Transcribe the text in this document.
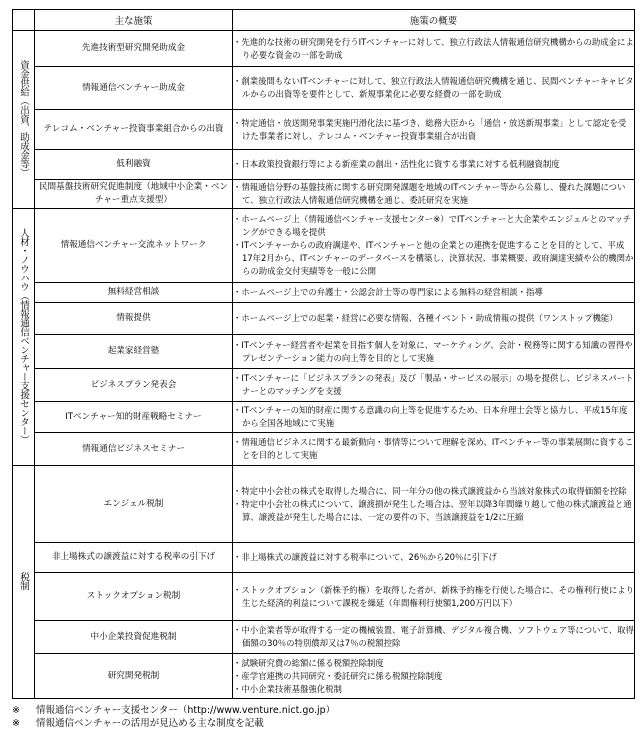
	主な施策	施策の概要
資金供給（出資、助成金等）	先進技術型研究開発助成金	・先進的な技術の研究開発を行うITベンチャーに対して、独立行政法人情報通信研究機構からの助成金により必要な資金の一部を助成

	情報通信ベンチャー助成金	・創業後間もないITベンチャーに対して、独立行政法人情報通信研究機構を通じ、民間ベンチャーキャピタルからの出資等を要件として、新規事業化に必要な経費の一部を助成

	テレコム・ベンチャー投資事業組合からの出資	・特定通信・放送開発事業実施円滑化法に基づき、総務大臣から「通信・放送新規事業」として認定を受けた事業者に対し、テレコム・ベンチャー投資事業組合が出資

	低利融資	・日本政策投資銀行等による新産業の創出・活性化に資する事業に対する低利融資制度

	民間基盤技術研究促進制度（地域中小企業・ベンチャー重点支援型）	・情報通信分野の基盤技術に関する研究開発課題を地域のITベンチャー等から公募し、優れた課題について、独立行政法人情報通信研究機構を通じ、委託研究を実施

人材・ノウハウ（情報通信ベンチャー支援センター）	情報通信ベンチャー交流ネットワーク	・ホームページ上（情報通信ベンチャー支援センター※）でITベンチャーと大企業やエンジェルとのマッチングができる場を提供
・ITベンチャーからの政府調達や、ITベンチャーと他の企業との連携を促進することを目的として、平成17年2月から、ITベンチャーのデータベースを構築し、決算状況、事業概要、政府調達実績や公的機関からの助成金交付実績等を一般に公開

	無料経営相談	・ホームページ上での弁護士・公認会計士等の専門家による無料の経営相談・指導

	情報提供	・ホームページ上での起業・経営に必要な情報、各種イベント・助成情報の提供（ワンストップ機能）

	起業家経営塾	・ITベンチャー経営者や起業を目指す個人を対象に、マーケティング、会計・税務等に関する知識の習得やプレゼンテーション能力の向上等を目的として実施

	ビジネスプラン発表会	・ITベンチャーに「ビジネスプランの発表」及び「製品・サービスの展示」の場を提供し、ビジネスパートナーとのマッチングを支援

	ITベンチャー知的財産戦略セミナー	・ITベンチャーの知的財産に関する意識の向上等を促進するため、日本弁理士会等と協力し、平成15年度から全国各地域にて実施

	情報通信ビジネスセミナー	・情報通信ビジネスに関する最新動向・事情等について理解を深め、ITベンチャー等の事業展開に資することを目的として実施

税制	エンジェル税制	・特定中小会社の株式を取得した場合に、同一年分の他の株式譲渡益から当該対象株式の取得価額を控除
・特定中小会社の株式について、譲渡損が発生した場合は、翌年以降3年間繰り越して他の株式譲渡益と通算、譲渡益が発生した場合には、一定の要件の下、当該譲渡益を1/2に圧縮

	非上場株式の譲渡益に対する税率の引下げ	・非上場株式の譲渡益に対する税率について、26％から20％に引下げ

	ストックオプション税制	・ストックオプション（新株予約権）を取得した者が、新株予約権を行使した場合に、その権利行使により生じた経済的利益について課税を繰延（年間権利行使額1,200万円以下）

	中小企業投資促進税制	・中小企業者等が取得する一定の機械装置、電子計算機、デジタル複合機、ソフトウェア等について、取得価額の30％の特別償却又は7％の税額控除

	研究開発税制	・試験研究費の総額に係る税額控除制度
・産学官連携の共同研究・委託研究に係る税額控除制度
・中小企業技術基盤強化税制
※ 情報通信ベンチャー支援センター（http://www.venture.nict.go.jp）
※ 情報通信ベンチャーの活用が見込める主な制度を記載
